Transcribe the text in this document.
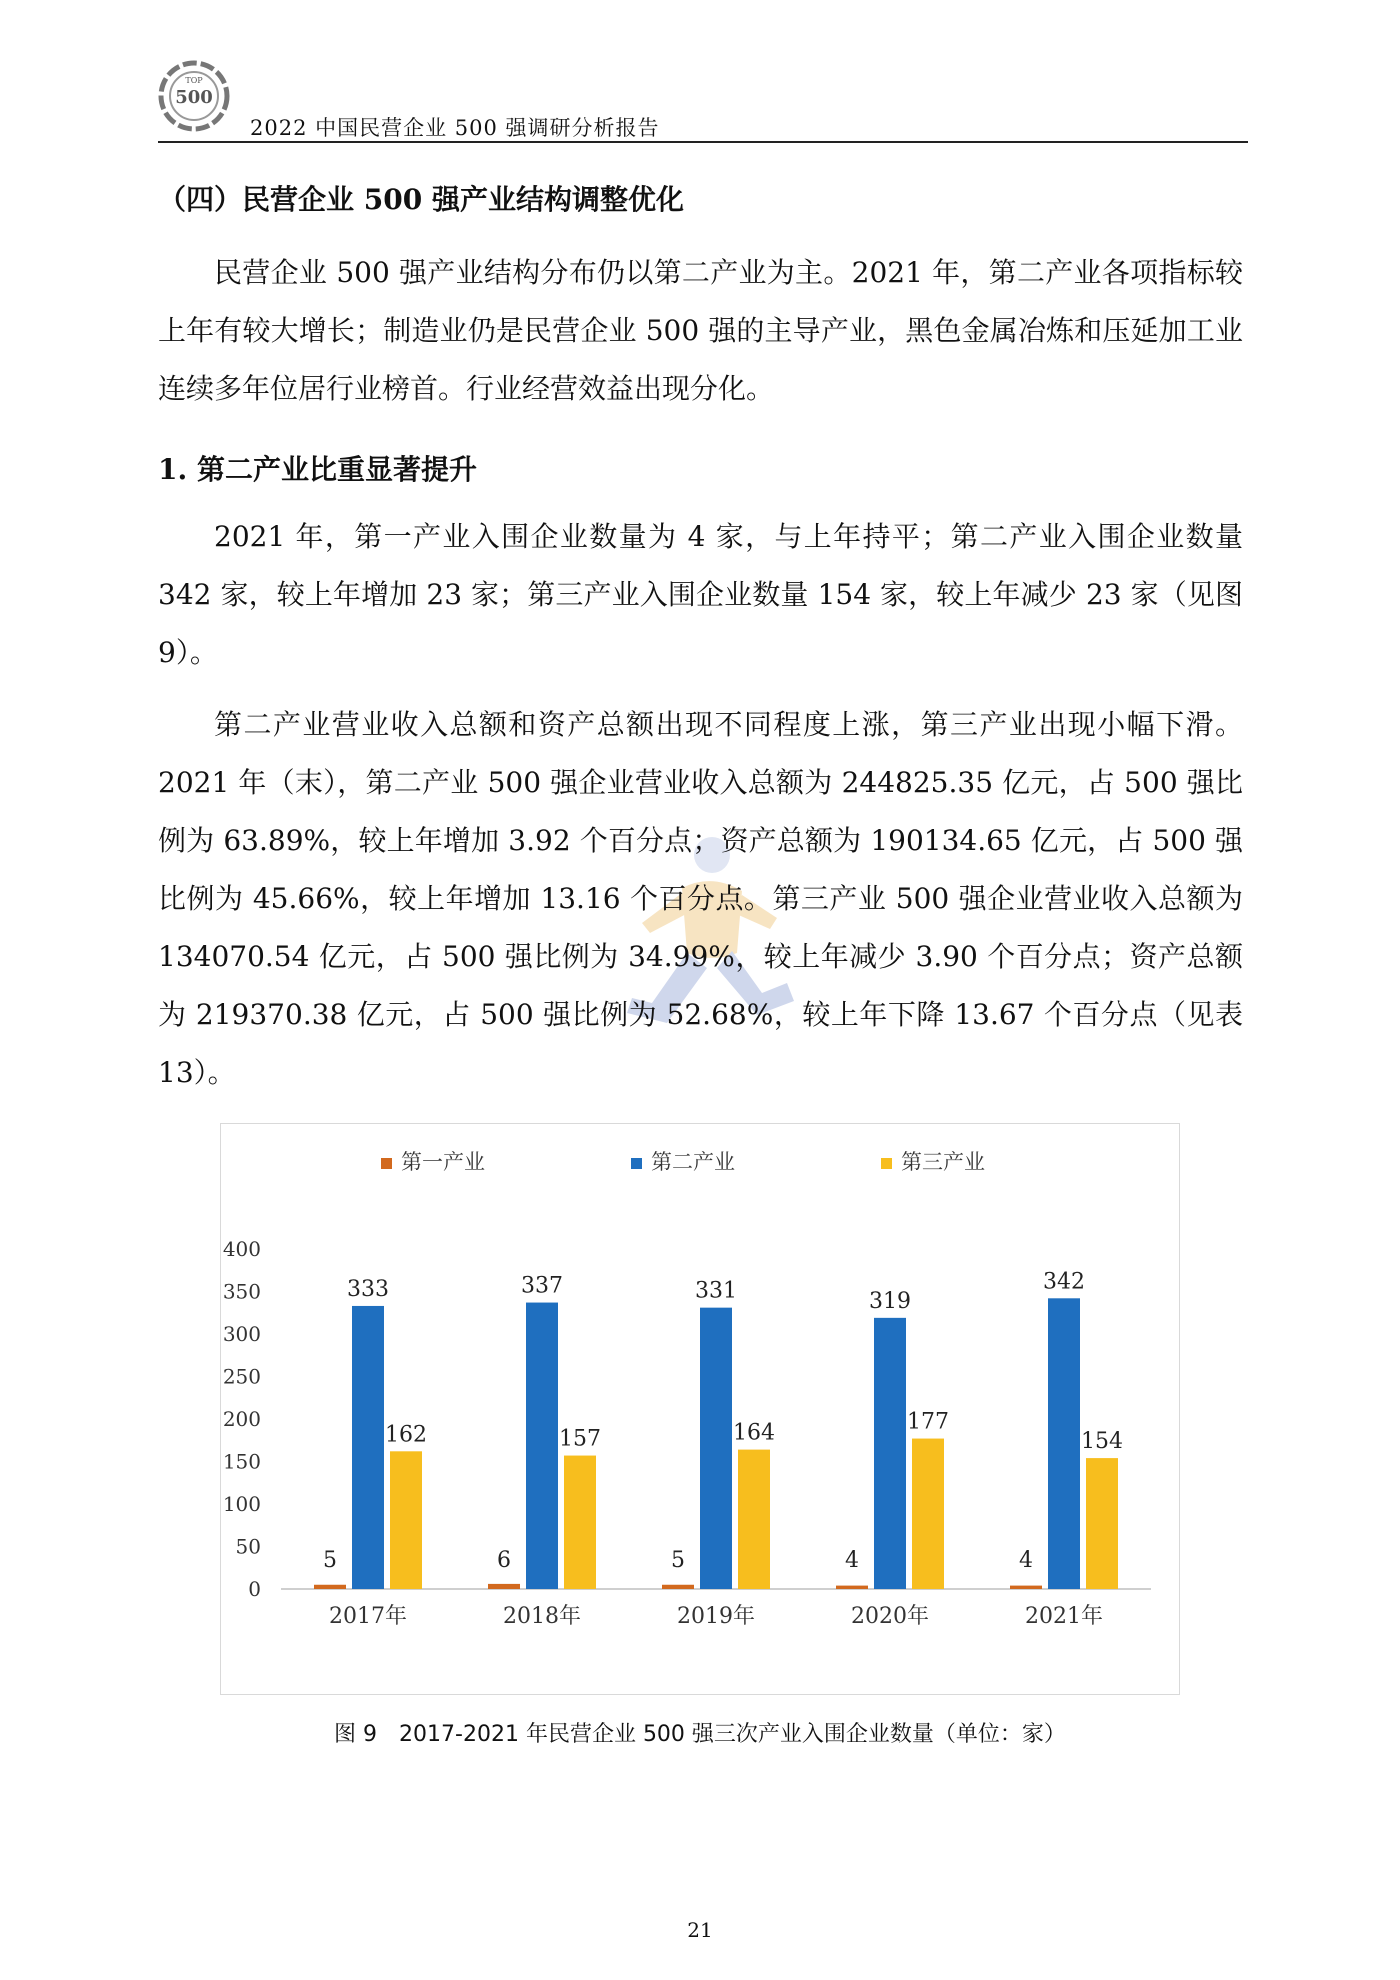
TOP
500
2022 中国民营企业 500 强调研分析报告
（四）民营企业 500 强产业结构调整优化

民营企业 500 强产业结构分布仍以第二产业为主。2021 年，第二产业各项指标较上年有较大增长；制造业仍是民营企业 500 强的主导产业，黑色金属冶炼和压延加工业连续多年位居行业榜首。行业经营效益出现分化。

1. 第二产业比重显著提升

2021 年，第一产业入围企业数量为 4 家，与上年持平；第二产业入围企业数量 342 家，较上年增加 23 家；第三产业入围企业数量 154 家，较上年减少 23 家（见图 9）。

第二产业营业收入总额和资产总额出现不同程度上涨，第三产业出现小幅下滑。2021 年（末），第二产业 500 强企业营业收入总额为 244825.35 亿元，占 500 强比例为 63.89%，较上年增加 3.92 个百分点；资产总额为 190134.65 亿元，占 500 强比例为 45.66%，较上年增加 13.16 个百分点。第三产业 500 强企业营业收入总额为 134070.54 亿元，占 500 强比例为 34.99%，较上年减少 3.90 个百分点；资产总额为 219370.38 亿元，占 500 强比例为 52.68%，较上年下降 13.67 个百分点（见表 13）。

第一产业	第二产业	第三产业
0
50
100
150
200
250
300
350
400
2017年	2018年	2019年	2020年	2021年
5
333
162
6
337
157
5
331
164
4
319
177
4
342
154
图 9　2017-2021 年民营企业 500 强三次产业入围企业数量（单位：家）
21
